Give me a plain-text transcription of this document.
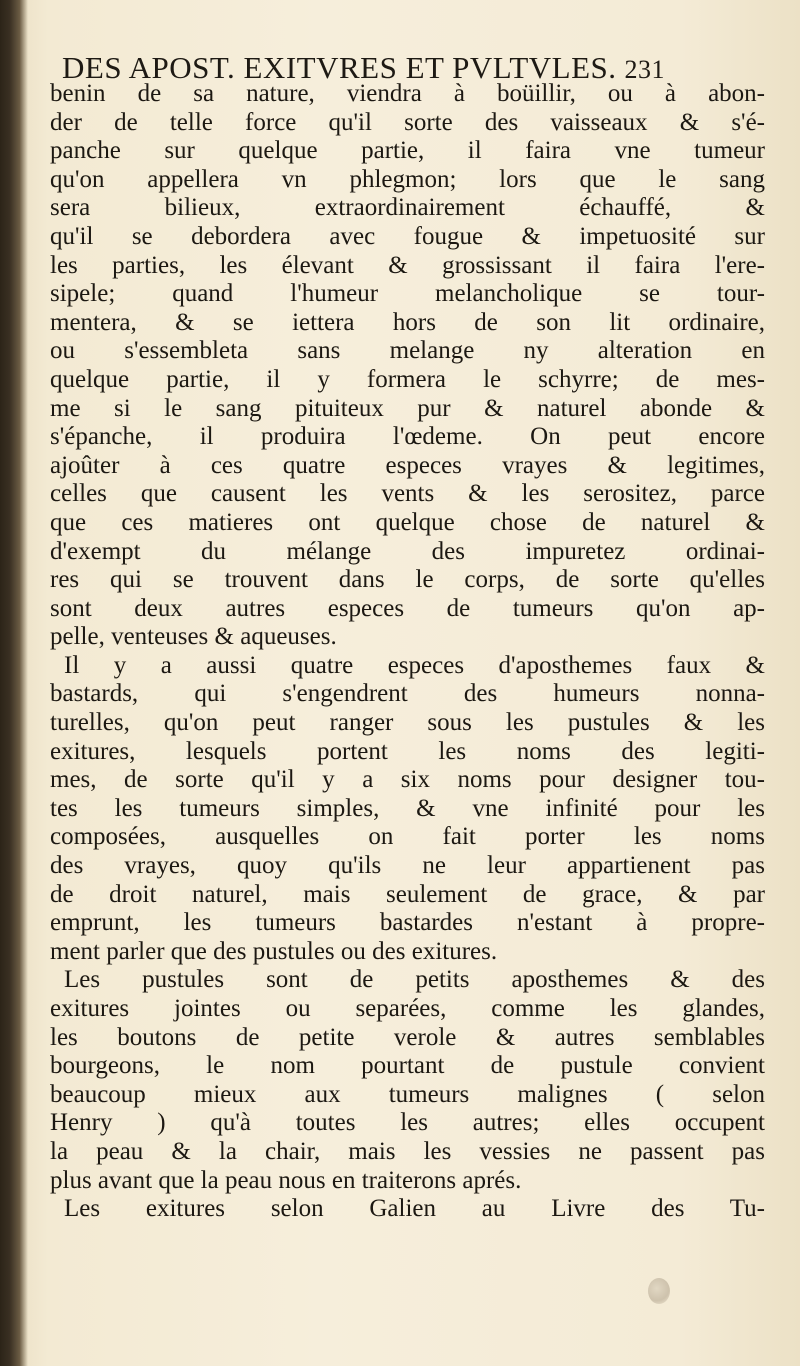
DES APOST. EXITVRES ET PVLTVLES. 231
benin de sa nature, viendra à boüillir, ou à abon-
der de telle force qu'il sorte des vaisseaux & s'é-
panche sur quelque partie, il faira vne tumeur
qu'on appellera vn phlegmon; lors que le sang
sera bilieux, extraordinairement échauffé, &
qu'il se debordera avec fougue & impetuosité sur
les parties, les élevant & grossissant il faira l'ere-
sipele; quand l'humeur melancholique se tour-
mentera, & se iettera hors de son lit ordinaire,
ou s'essembleta sans melange ny alteration en
quelque partie, il y formera le schyrre; de mes-
me si le sang pituiteux pur & naturel abonde &
s'épanche, il produira l'œdeme. On peut encore
ajoûter à ces quatre especes vrayes & legitimes,
celles que causent les vents & les serositez, parce
que ces matieres ont quelque chose de naturel &
d'exempt du mélange des impuretez ordinai-
res qui se trouvent dans le corps, de sorte qu'elles
sont deux autres especes de tumeurs qu'on ap-
pelle, venteuses & aqueuses.
Il y a aussi quatre especes d'aposthemes faux &
bastards, qui s'engendrent des humeurs nonna-
turelles, qu'on peut ranger sous les pustules & les
exitures, lesquels portent les noms des legiti-
mes, de sorte qu'il y a six noms pour designer tou-
tes les tumeurs simples, & vne infinité pour les
composées, ausquelles on fait porter les noms
des vrayes, quoy qu'ils ne leur appartienent pas
de droit naturel, mais seulement de grace, & par
emprunt, les tumeurs bastardes n'estant à propre-
ment parler que des pustules ou des exitures.
Les pustules sont de petits aposthemes & des
exitures jointes ou separées, comme les glandes,
les boutons de petite verole & autres semblables
bourgeons, le nom pourtant de pustule convient
beaucoup mieux aux tumeurs malignes ( selon
Henry ) qu'à toutes les autres; elles occupent
la peau & la chair, mais les vessies ne passent pas
plus avant que la peau nous en traiterons aprés.
Les exitures selon Galien au Livre des Tu-
